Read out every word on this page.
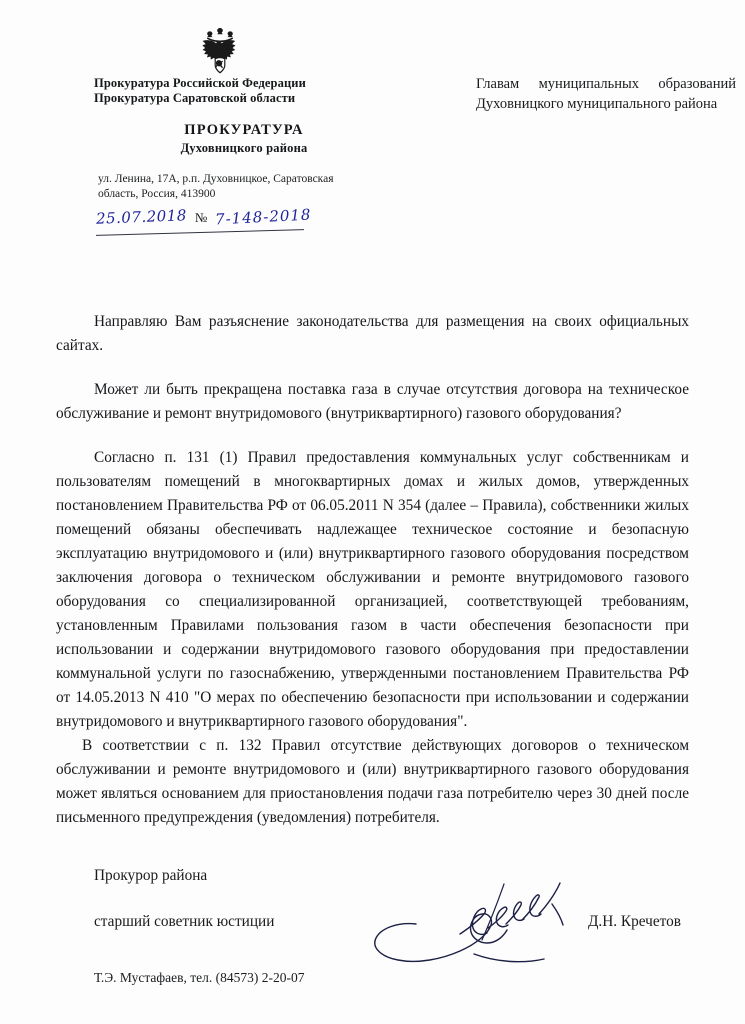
Прокуратура Российской Федерации
Прокуратура Саратовской области
ПРОКУРАТУРА
Духовницкого района
ул. Ленина, 17А, р.п. Духовницкое, Саратовская область, Россия, 413900
25.07.2018 № 7-148-2018
Главам муниципальных образований Духовницкого муниципального района

Направляю Вам разъяснение законодательства для размещения на своих официальных сайтах.

Может ли быть прекращена поставка газа в случае отсутствия договора на техническое обслуживание и ремонт внутридомового (внутриквартирного) газового оборудования?

Согласно п. 131 (1) Правил предоставления коммунальных услуг собственникам и пользователям помещений в многоквартирных домах и жилых домов, утвержденных постановлением Правительства РФ от 06.05.2011 N 354 (далее – Правила), собственники жилых помещений обязаны обеспечивать надлежащее техническое состояние и безопасную эксплуатацию внутридомового и (или) внутриквартирного газового оборудования посредством заключения договора о техническом обслуживании и ремонте внутридомового газового оборудования со специализированной организацией, соответствующей требованиям, установленным Правилами пользования газом в части обеспечения безопасности при использовании и содержании внутридомового газового оборудования при предоставлении коммунальной услуги по газоснабжению, утвержденными постановлением Правительства РФ от 14.05.2013 N 410 "О мерах по обеспечению безопасности при использовании и содержании внутридомового и внутриквартирного газового оборудования".

В соответствии с п. 132 Правил отсутствие действующих договоров о техническом обслуживании и ремонте внутридомового и (или) внутриквартирного газового оборудования может являться основанием для приостановления подачи газа потребителю через 30 дней после письменного предупреждения (уведомления) потребителя.

Прокурор района
старший советник юстиции	Д.Н. Кречетов
Т.Э. Мустафаев, тел. (84573) 2-20-07
